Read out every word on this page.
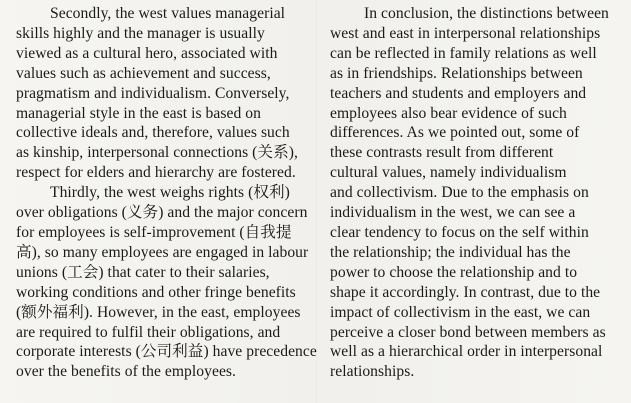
Secondly, the west values managerial
skills highly and the manager is usually
viewed as a cultural hero, associated with
values such as achievement and success,
pragmatism and individualism. Conversely,
managerial style in the east is based on
collective ideals and, therefore, values such
as kinship, interpersonal connections (关系),
respect for elders and hierarchy are fostered.
Thirdly, the west weighs rights (权利)
over obligations (义务) and the major concern
for employees is self-improvement (自我提
高), so many employees are engaged in labour
unions (工会) that cater to their salaries,
working conditions and other fringe benefits
(额外福利). However, in the east, employees
are required to fulfil their obligations, and
corporate interests (公司利益) have precedence
over the benefits of the employees.
In conclusion, the distinctions between
west and east in interpersonal relationships
can be reflected in family relations as well
as in friendships. Relationships between
teachers and students and employers and
employees also bear evidence of such
differences. As we pointed out, some of
these contrasts result from different
cultural values, namely individualism
and collectivism. Due to the emphasis on
individualism in the west, we can see a
clear tendency to focus on the self within
the relationship; the individual has the
power to choose the relationship and to
shape it accordingly. In contrast, due to the
impact of collectivism in the east, we can
perceive a closer bond between members as
well as a hierarchical order in interpersonal
relationships.
